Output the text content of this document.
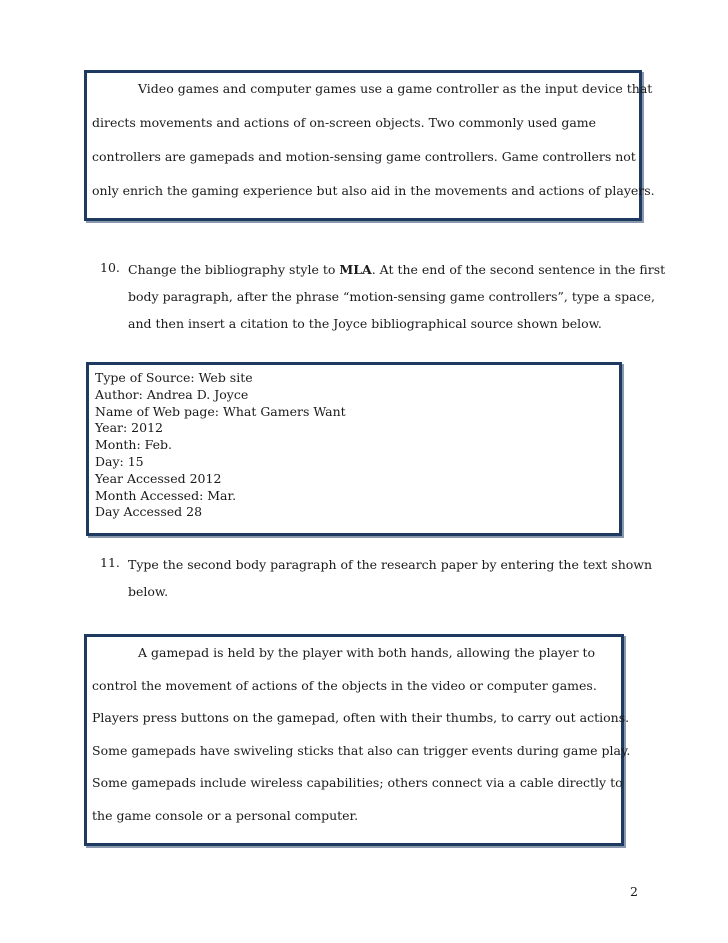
Video games and computer games use a game controller as the input device that
directs movements and actions of on-screen objects. Two commonly used game
controllers are gamepads and motion-sensing game controllers. Game controllers not
only enrich the gaming experience but also aid in the movements and actions of players.
10. Change the bibliography style to MLA. At the end of the second sentence in the first
body paragraph, after the phrase “motion-sensing game controllers”, type a space,
and then insert a citation to the Joyce bibliographical source shown below.
Type of Source: Web site
Author: Andrea D. Joyce
Name of Web page: What Gamers Want
Year: 2012
Month: Feb.
Day: 15
Year Accessed 2012
Month Accessed: Mar.
Day Accessed 28
11. Type the second body paragraph of the research paper by entering the text shown
below.
A gamepad is held by the player with both hands, allowing the player to
control the movement of actions of the objects in the video or computer games.
Players press buttons on the gamepad, often with their thumbs, to carry out actions.
Some gamepads have swiveling sticks that also can trigger events during game play.
Some gamepads include wireless capabilities; others connect via a cable directly to
the game console or a personal computer.
2
